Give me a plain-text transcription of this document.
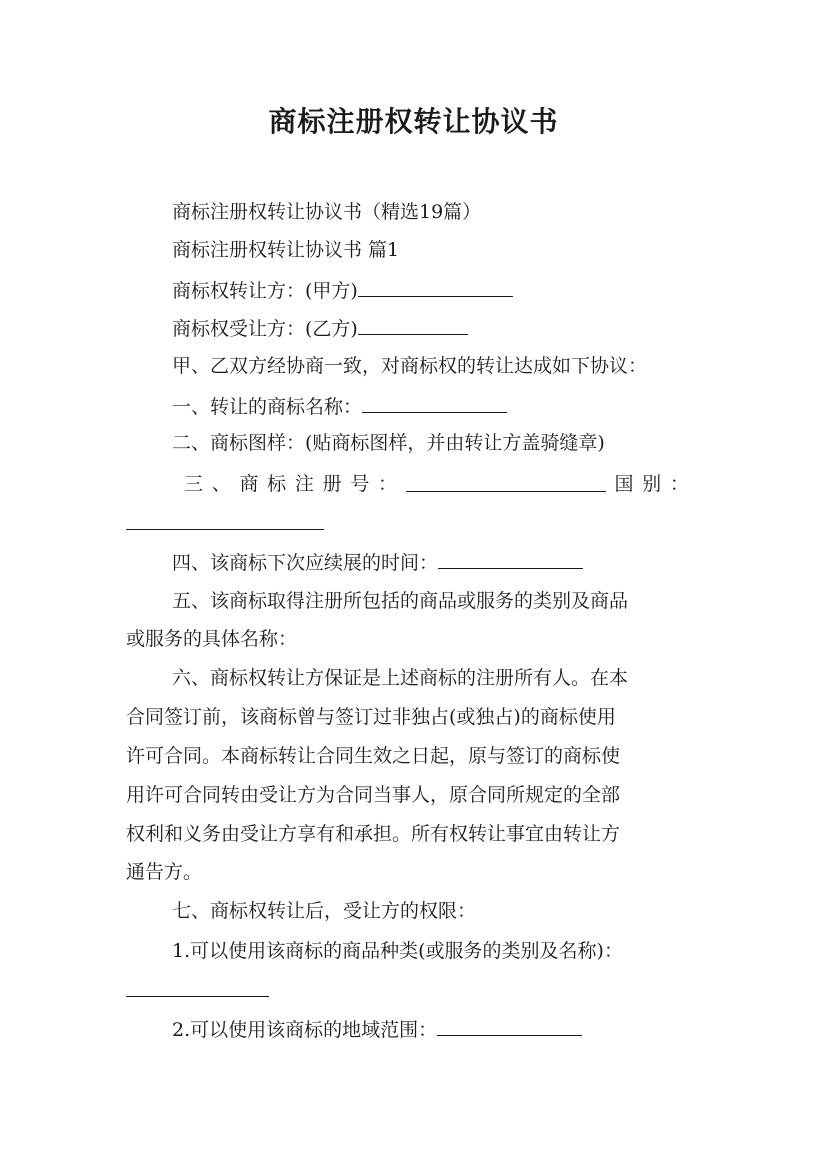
商标注册权转让协议书
商标注册权转让协议书（精选19篇）
商标注册权转让协议书 篇1
商标权转让方：(甲方)
商标权受让方：(乙方)
甲、乙双方经协商一致，对商标权的转让达成如下协议：
一、转让的商标名称：
二、商标图样：(贴商标图样，并由转让方盖骑缝章)
三 、 商 标 注 册 号 ：	国 别 ：
四、该商标下次应续展的时间：
五、该商标取得注册所包括的商品或服务的类别及商品
或服务的具体名称：
六、商标权转让方保证是上述商标的注册所有人。在本
合同签订前，该商标曾与签订过非独占(或独占)的商标使用
许可合同。本商标转让合同生效之日起，原与签订的商标使
用许可合同转由受让方为合同当事人，原合同所规定的全部
权利和义务由受让方享有和承担。所有权转让事宜由转让方
通告方。
七、商标权转让后，受让方的权限：
1.可以使用该商标的商品种类(或服务的类别及名称)：
2.可以使用该商标的地域范围：
